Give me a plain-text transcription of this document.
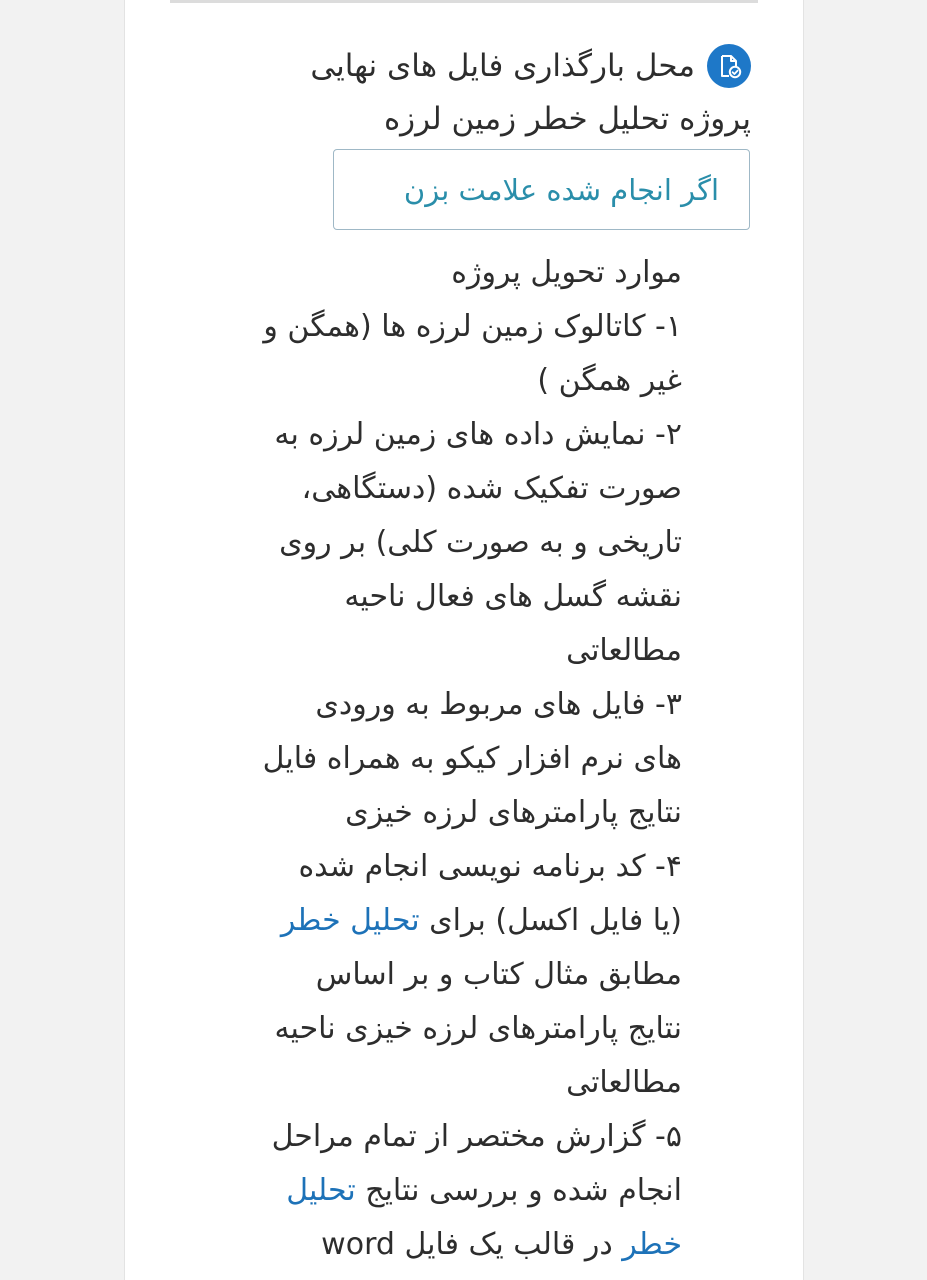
محل بارگذاری فایل های نهایی
پروژه تحلیل خطر زمین لرزه
اگر انجام شده علامت بزن
موارد تحویل پروژه
۱- کاتالوک زمین لرزه ها (همگن و
غیر همگن )
۲- نمایش داده های زمین لرزه به
صورت تفکیک شده (دستگاهی،
تاریخی و به صورت کلی) بر روی
نقشه گسل های فعال ناحیه
مطالعاتی
۳- فایل های مربوط به ورودی
های نرم افزار کیکو به همراه فایل
نتایج پارامترهای لرزه خیزی
۴- کد برنامه نویسی انجام شده
(یا فایل اکسل) برای تحلیل خطر
مطابق مثال کتاب و بر اساس
نتایج پارامترهای لرزه خیزی ناحیه
مطالعاتی
۵- گزارش مختصر از تمام مراحل
انجام شده و بررسی نتایج تحلیل
خطر در قالب یک فایل word
